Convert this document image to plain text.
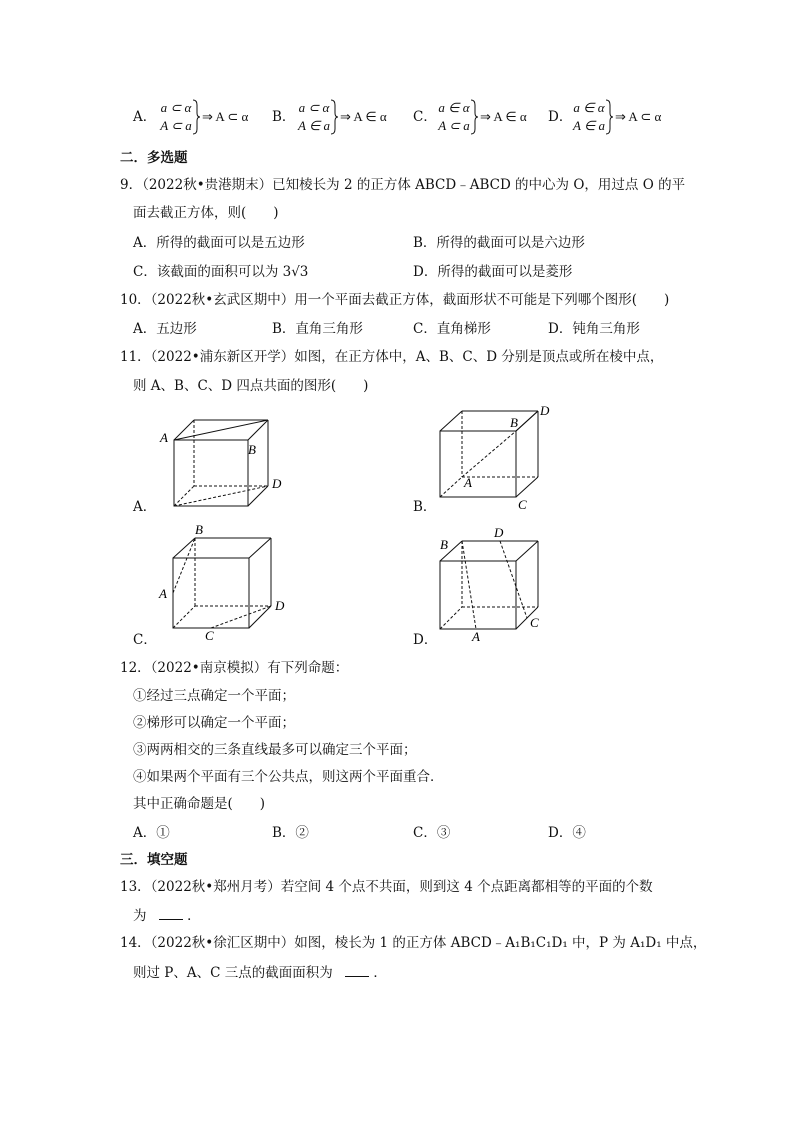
A．
a ⊂ α
A ⊂ a
⇒ A ⊂ α B．
a ⊂ α
A ∈ a
⇒ A ∈ α C．
a ∈ α
A ⊂ a
⇒ A ∈ α D．
a ∈ α
A ∈ a
⇒ A ⊂ α
二．多选题
9．（2022秋•贵港期末）已知棱长为 2 的正方体 ABCD﹣ABCD 的中心为 O，用过点 O 的平
面去截正方体，则(　　)
A．所得的截面可以是五边形	B．所得的截面可以是六边形
C．该截面的面积可以为 3√3	D．所得的截面可以是菱形
10．（2022秋•玄武区期中）用一个平面去截正方体，截面形状不可能是下列哪个图形(　　)
A．五边形	B．直角三角形	C．直角梯形	D．钝角三角形
11．（2022•浦东新区开学）如图，在正方体中，A、B、C、D 分别是顶点或所在棱中点，
则 A、B、C、D 四点共面的图形(　　)
A．
A
B
D
B．
B
D
A
C
C．
B
A
D
C	D．
B
D
A
C
12．（2022•南京模拟）有下列命题：
①经过三点确定一个平面；
②梯形可以确定一个平面；
③两两相交的三条直线最多可以确定三个平面；
④如果两个平面有三个公共点，则这两个平面重合．
其中正确命题是(　　)
A．①	B．②	C．③	D．④
三．填空题
13．（2022秋•郑州月考）若空间 4 个点不共面，则到这 4 个点距离都相等的平面的个数
为	．
14．（2022秋•徐汇区期中）如图，棱长为 1 的正方体 ABCD﹣A₁B₁C₁D₁ 中，P 为 A₁D₁ 中点，
则过 P、A、C 三点的截面面积为	．
